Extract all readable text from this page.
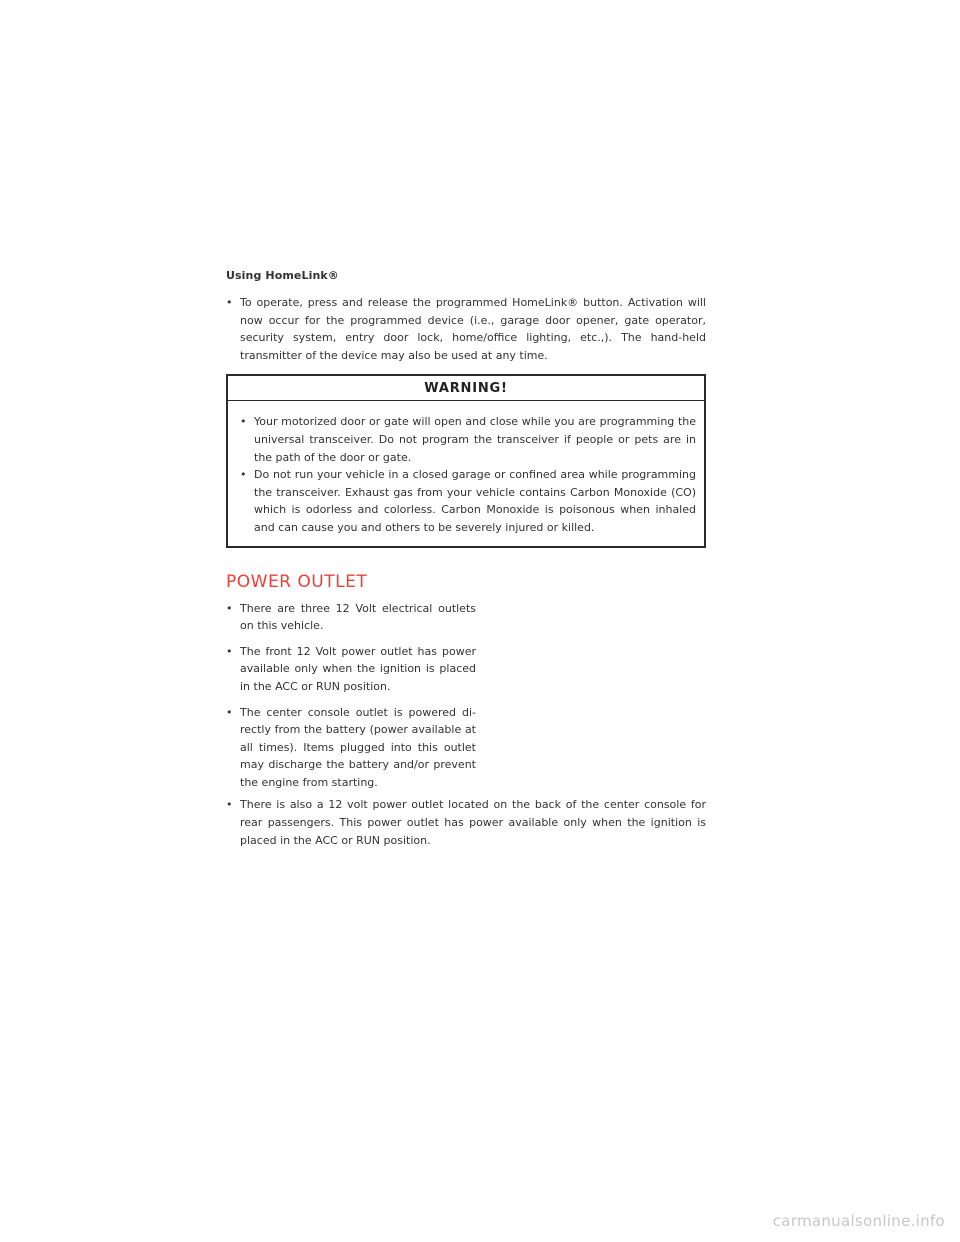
Using HomeLink®
• To operate, press and release the programmed HomeLink® button. Activation will now occur for the programmed device (i.e., garage door opener, gate operator, security system, entry door lock, home/office lighting, etc.,). The hand-held transmitter of the device may also be used at any time.
WARNING!
• Your motorized door or gate will open and close while you are programming the universal transceiver. Do not program the transceiver if people or pets are in the path of the door or gate.
• Do not run your vehicle in a closed garage or confined area while programming the transceiver. Exhaust gas from your vehicle contains Carbon Monoxide (CO) which is odorless and colorless. Carbon Monoxide is poisonous when inhaled and can cause you and others to be severely injured or killed.
POWER OUTLET
• There are three 12 Volt electrical outlets on this vehicle.
• The front 12 Volt power outlet has power available only when the ignition is placed in the ACC or RUN position.
• The center console outlet is powered di-rectly from the battery (power available at all times). Items plugged into this outlet may discharge the battery and/or prevent the engine from starting.
• There is also a 12 volt power outlet located on the back of the center console for rear passengers. This power outlet has power available only when the ignition is placed in the ACC or RUN position.
carmanualsonline.info
